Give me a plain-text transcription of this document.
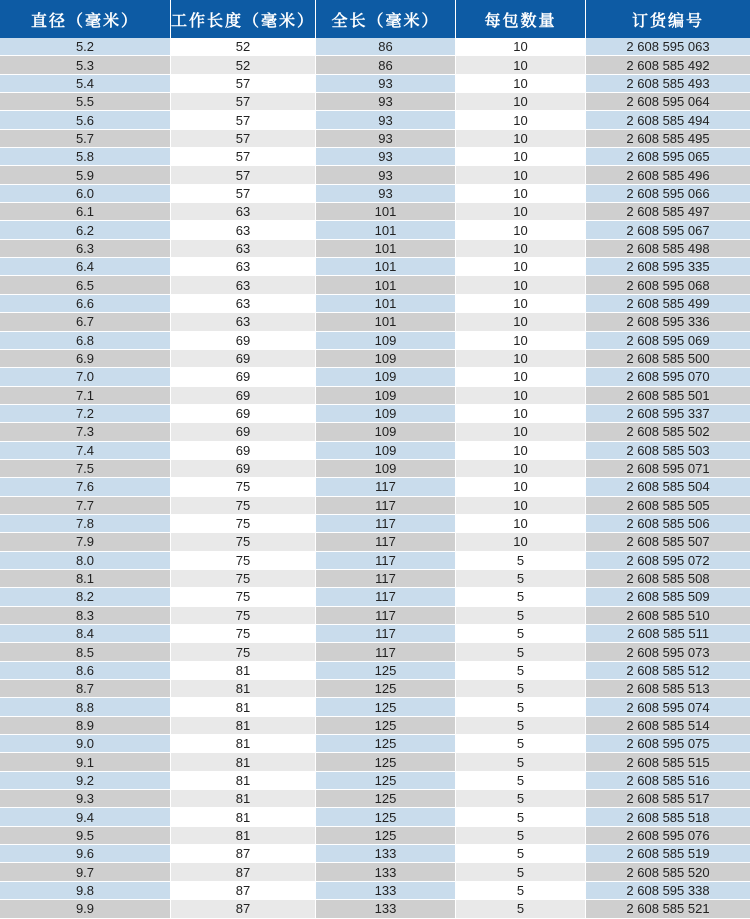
直径（毫米）	工作长度（毫米）	全长（毫米）	每包数量	订货编号
5.2	52	86	10	2 608 595 063
5.3	52	86	10	2 608 585 492
5.4	57	93	10	2 608 585 493
5.5	57	93	10	2 608 595 064
5.6	57	93	10	2 608 585 494
5.7	57	93	10	2 608 585 495
5.8	57	93	10	2 608 595 065
5.9	57	93	10	2 608 585 496
6.0	57	93	10	2 608 595 066
6.1	63	101	10	2 608 585 497
6.2	63	101	10	2 608 595 067
6.3	63	101	10	2 608 585 498
6.4	63	101	10	2 608 595 335
6.5	63	101	10	2 608 595 068
6.6	63	101	10	2 608 585 499
6.7	63	101	10	2 608 595 336
6.8	69	109	10	2 608 595 069
6.9	69	109	10	2 608 585 500
7.0	69	109	10	2 608 595 070
7.1	69	109	10	2 608 585 501
7.2	69	109	10	2 608 595 337
7.3	69	109	10	2 608 585 502
7.4	69	109	10	2 608 585 503
7.5	69	109	10	2 608 595 071
7.6	75	117	10	2 608 585 504
7.7	75	117	10	2 608 585 505
7.8	75	117	10	2 608 585 506
7.9	75	117	10	2 608 585 507
8.0	75	117	5	2 608 595 072
8.1	75	117	5	2 608 585 508
8.2	75	117	5	2 608 585 509
8.3	75	117	5	2 608 585 510
8.4	75	117	5	2 608 585 511
8.5	75	117	5	2 608 595 073
8.6	81	125	5	2 608 585 512
8.7	81	125	5	2 608 585 513
8.8	81	125	5	2 608 595 074
8.9	81	125	5	2 608 585 514
9.0	81	125	5	2 608 595 075
9.1	81	125	5	2 608 585 515
9.2	81	125	5	2 608 585 516
9.3	81	125	5	2 608 585 517
9.4	81	125	5	2 608 585 518
9.5	81	125	5	2 608 595 076
9.6	87	133	5	2 608 585 519
9.7	87	133	5	2 608 585 520
9.8	87	133	5	2 608 595 338
9.9	87	133	5	2 608 585 521
